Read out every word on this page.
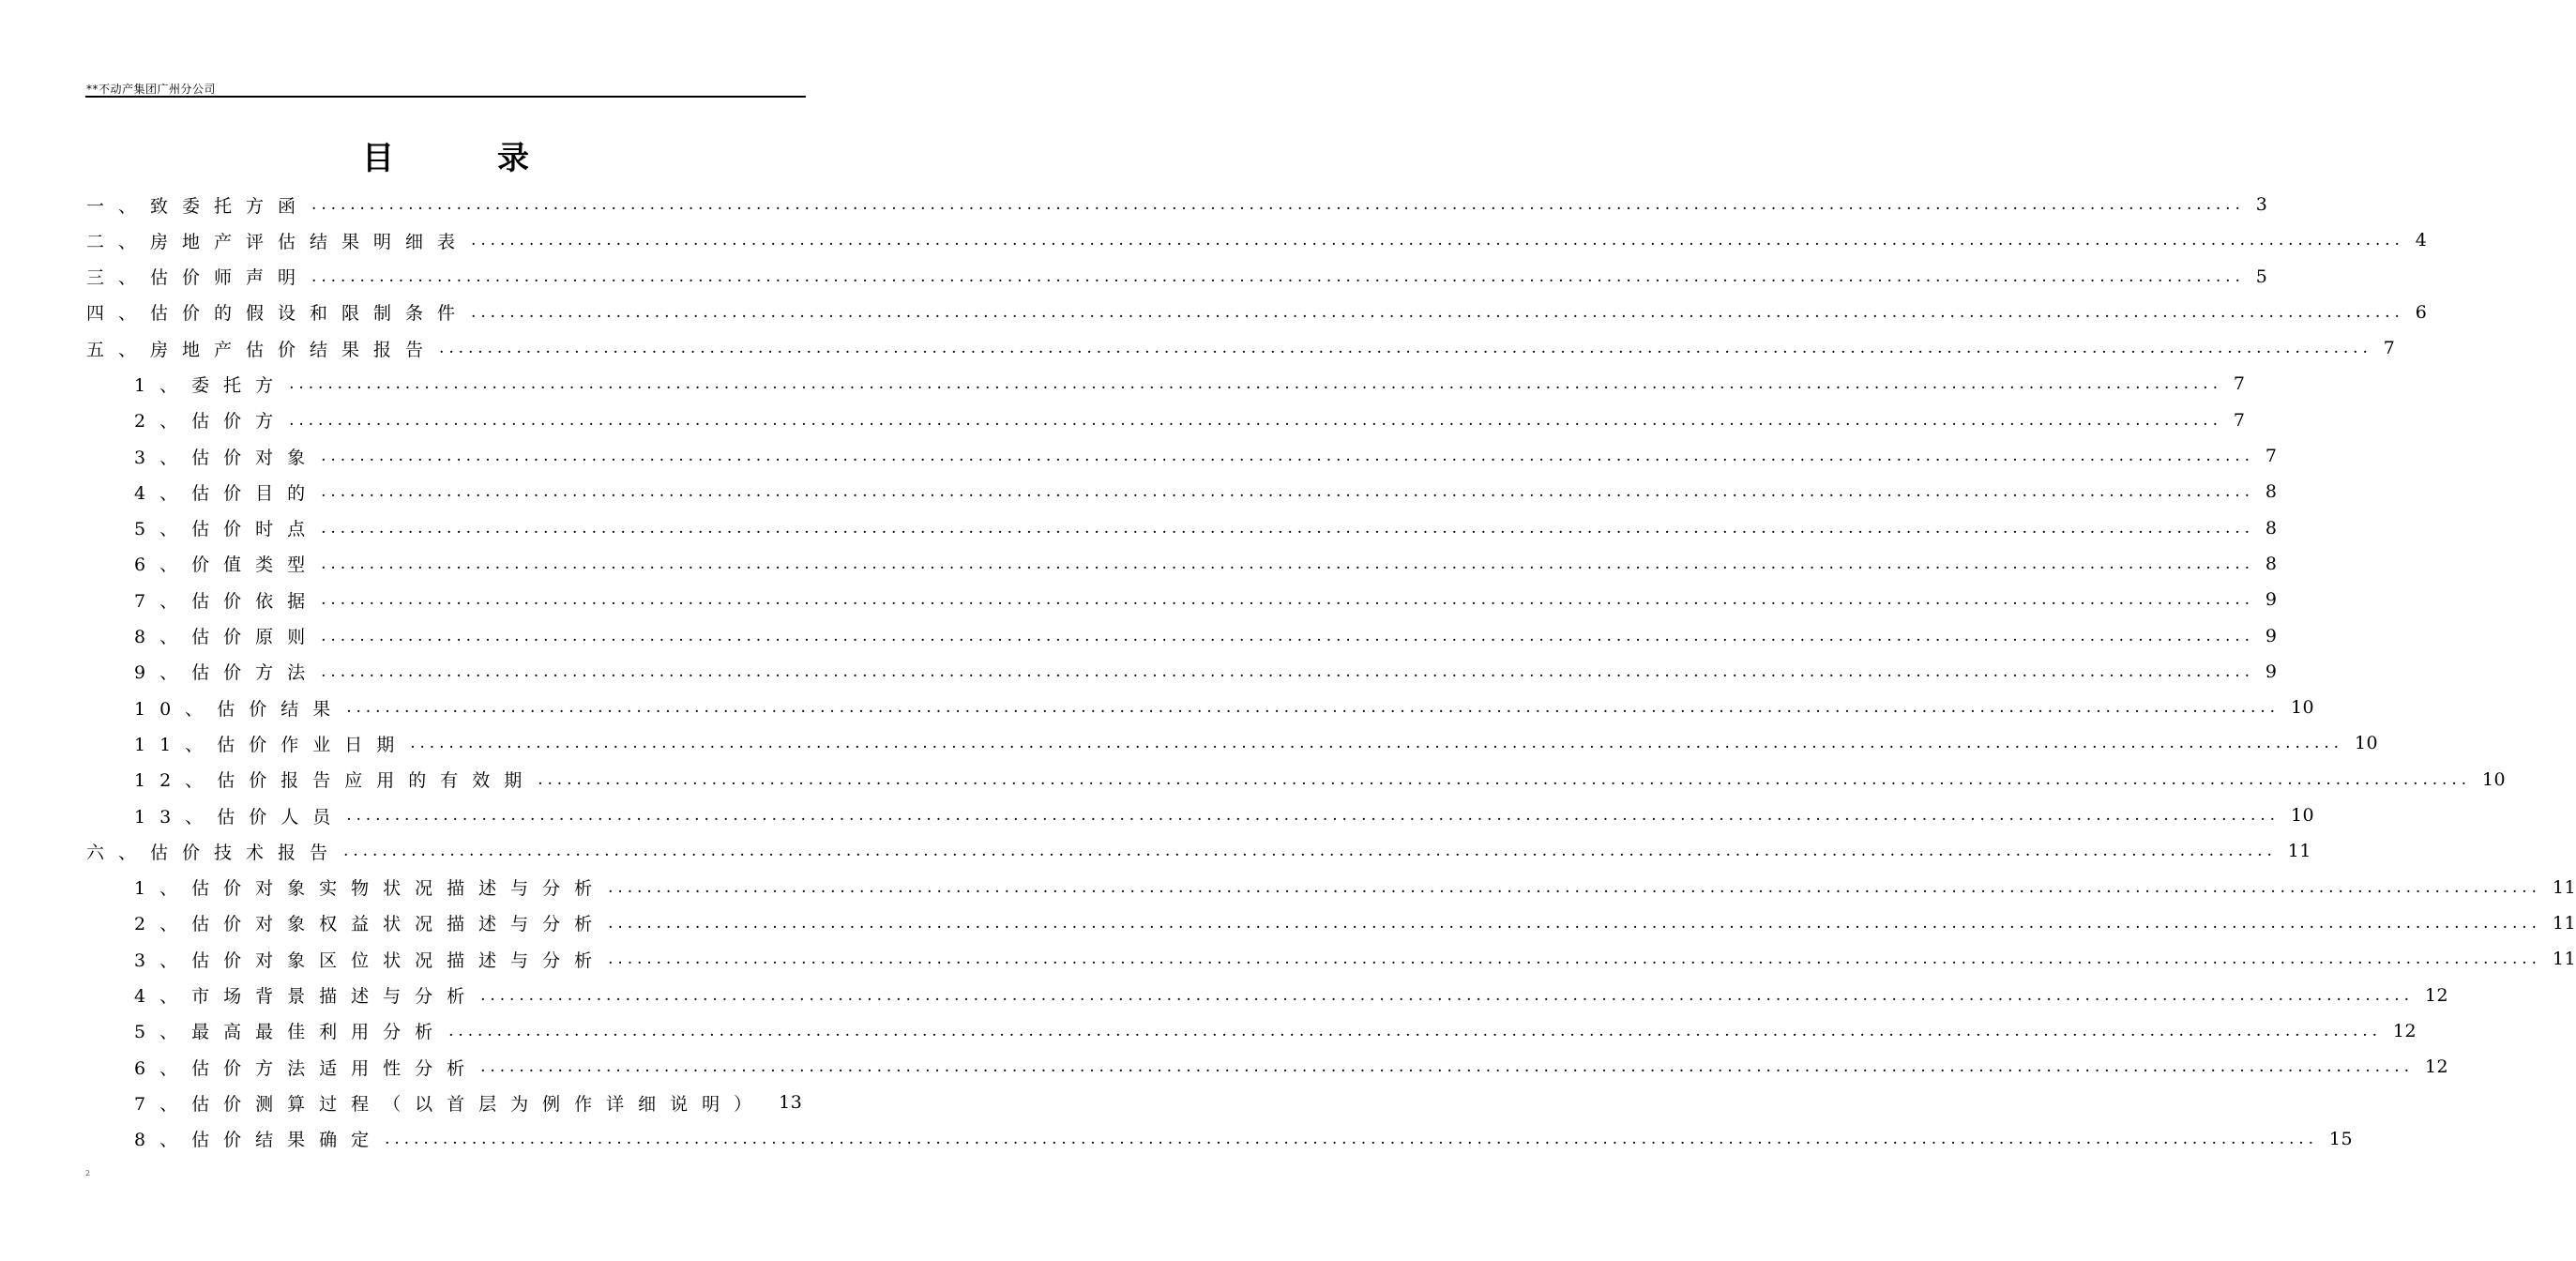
**不动产集团广州分公司
目	录
一、 致委托方函 ........................................................................................................................................................................................................ 3
二、 房地产评估结果明细表 ........................................................................................................................................................................................................ 4
三、 估价师声明 ........................................................................................................................................................................................................ 5
四、 估价的假设和限制条件 ........................................................................................................................................................................................................ 6
五、 房地产估价结果报告 ........................................................................................................................................................................................................ 7
1、 委托方 ........................................................................................................................................................................................................ 7
2、 估价方 ........................................................................................................................................................................................................ 7
3、 估价对象 ........................................................................................................................................................................................................ 7
4、 估价目的 ........................................................................................................................................................................................................ 8
5、 估价时点 ........................................................................................................................................................................................................ 8
6、 价值类型 ........................................................................................................................................................................................................ 8
7、 估价依据 ........................................................................................................................................................................................................ 9
8、 估价原则 ........................................................................................................................................................................................................ 9
9、 估价方法 ........................................................................................................................................................................................................ 9
10、 估价结果 ........................................................................................................................................................................................................ 10
11、 估价作业日期 ........................................................................................................................................................................................................ 10
12、 估价报告应用的有效期 ........................................................................................................................................................................................................ 10
13、 估价人员 ........................................................................................................................................................................................................ 10
六、 估价技术报告 ........................................................................................................................................................................................................ 11
1、 估价对象实物状况描述与分析 ........................................................................................................................................................................................................ 11
2、 估价对象权益状况描述与分析 ........................................................................................................................................................................................................ 11
3、 估价对象区位状况描述与分析 ........................................................................................................................................................................................................ 11
4、 市场背景描述与分析 ........................................................................................................................................................................................................ 12
5、 最高最佳利用分析 ........................................................................................................................................................................................................ 12
6、 估价方法适用性分析 ........................................................................................................................................................................................................ 12
7、 估价测算过程（以首层为例作详细说明） 13
8、 估价结果确定 ........................................................................................................................................................................................................ 15
2
